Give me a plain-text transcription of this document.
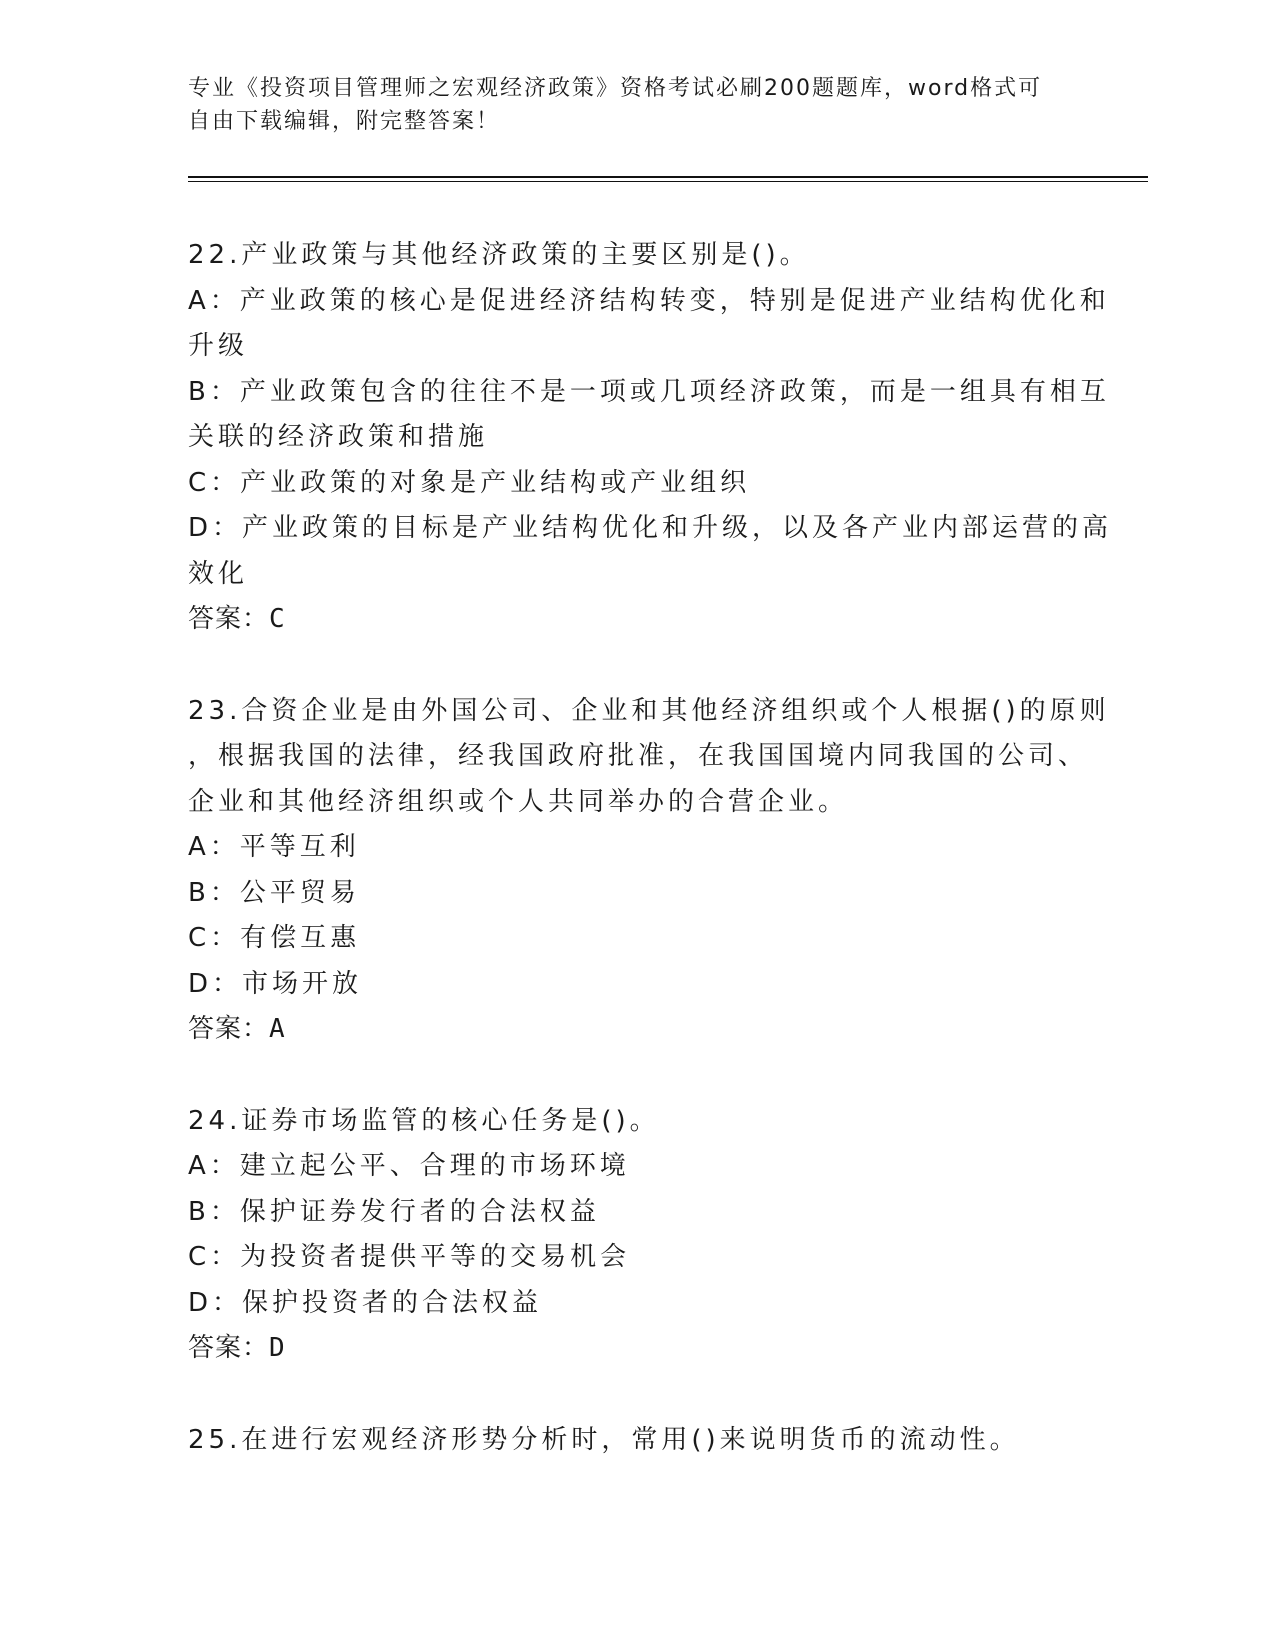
专业《投资项目管理师之宏观经济政策》资格考试必刷200题题库，word格式可
自由下载编辑，附完整答案！
22.产业政策与其他经济政策的主要区别是()。
A：产业政策的核心是促进经济结构转变，特别是促进产业结构优化和
升级
B：产业政策包含的往往不是一项或几项经济政策，而是一组具有相互
关联的经济政策和措施
C：产业政策的对象是产业结构或产业组织
D：产业政策的目标是产业结构优化和升级，以及各产业内部运营的高
效化
答案：C
23.合资企业是由外国公司、企业和其他经济组织或个人根据()的原则
，根据我国的法律，经我国政府批准，在我国国境内同我国的公司、
企业和其他经济组织或个人共同举办的合营企业。
A：平等互利
B：公平贸易
C：有偿互惠
D：市场开放
答案：A
24.证券市场监管的核心任务是()。
A：建立起公平、合理的市场环境
B：保护证券发行者的合法权益
C：为投资者提供平等的交易机会
D：保护投资者的合法权益
答案：D
25.在进行宏观经济形势分析时，常用()来说明货币的流动性。
